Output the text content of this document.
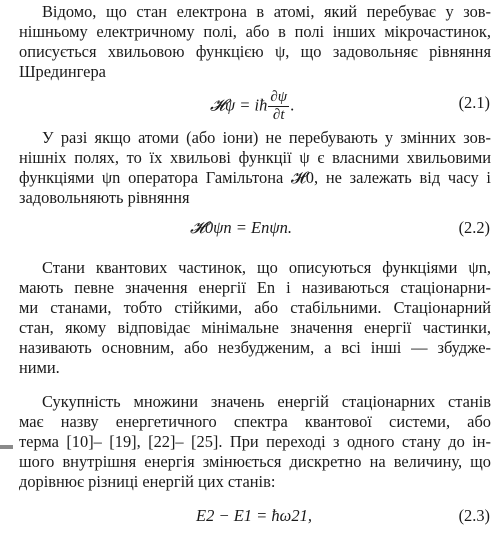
Відомо, що стан електрона в атомі, який перебуває у зов-
нішньому електричному полі, або в полі інших мікрочастинок,
описується хвильовою функцією ψ, що задовольняє рівняння
Шредингера
𝓗ψ = iħ $\frac{\partial\psi}{\partial t}$ .	(2.1)
У разі якщо атоми (або іони) не перебувають у змінних зов-
нішніх полях, то їх хвильові функції ψ є власними хвильовими
функціями ψn оператора Гамільтона 𝓗0, не залежать від часу і
задовольняють рівняння
𝓗0ψn = Enψn.	(2.2)
Стани квантових частинок, що описуються функціями ψn,
мають певне значення енергії En і називаються стаціонарни-
ми станами, тобто стійкими, або стабільними. Стаціонарний
стан, якому відповідає мінімальне значення енергії частинки,
називають основним, або незбудженим, а всі інші — збудже-
ними.
Сукупність множини значень енергій стаціонарних станів
має назву енергетичного спектра квантової системи, або
терма [10]– [19], [22]– [25]. При переході з одного стану до ін-
шого внутрішня енергія змінюється дискретно на величину, що
дорівнює різниці енергій цих станів:
E2 − E1 = ħω21,	(2.3)
